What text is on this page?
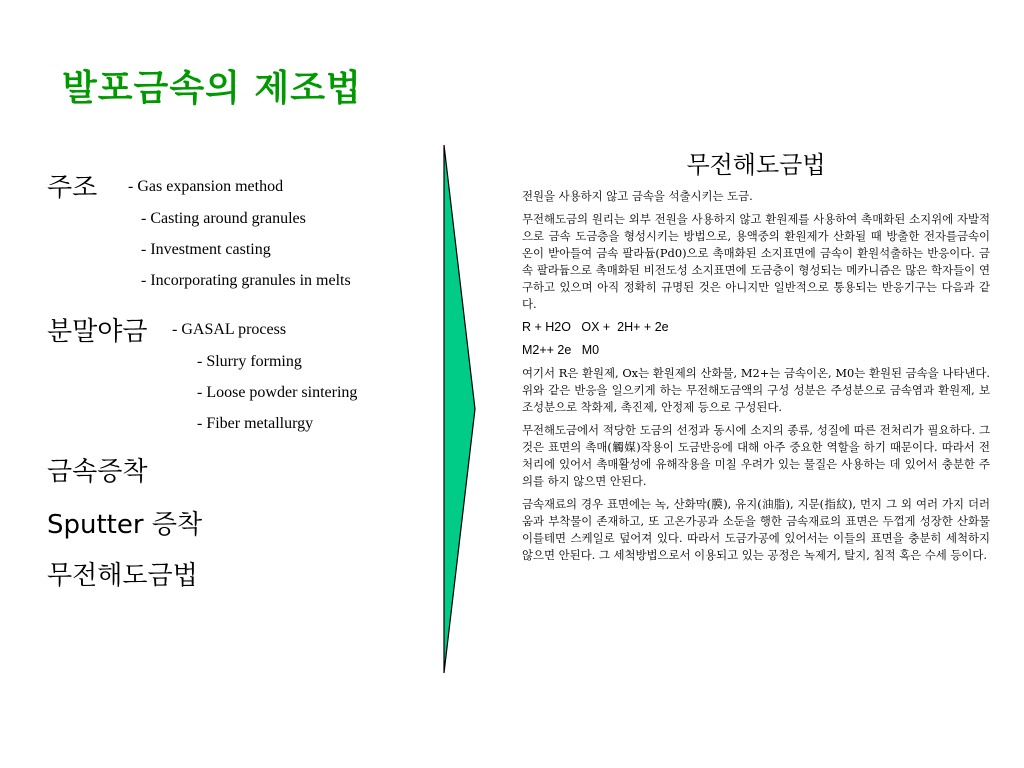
발포금속의 제조법
주조 - Gas expansion method
- Casting around granules
- Investment casting
- Incorporating granules in melts
분말야금 - GASAL process
- Slurry forming
- Loose powder sintering
- Fiber metallurgy
금속증착
Sputter 증착
무전해도금법
무전해도금법

전원을 사용하지 않고 금속을 석출시키는 도금.

무전해도금의 원리는 외부 전원을 사용하지 않고 환원제를 사용하여 촉매화된 소지위에 자발적으로 금속 도금층을 형성시키는 방법으로, 용액중의 환원제가 산화될 때 방출한 전자를금속이온이 받아들여 금속 팔라듐(Pd0)으로 촉매화된 소지표면에 금속이 환원석출하는 반응이다. 금속 팔라듐으로 촉매화된 비전도성 소지표면에 도금층이 형성되는 메카니즘은 많은 학자들이 연구하고 있으며 아직 정확히 규명된 것은 아니지만 일반적으로 통용되는 반응기구는 다음과 같다.

R + H2O   OX +  2H+ + 2e

M2++ 2e   M0

여기서 R은 환원제, Ox는 환원제의 산화물, M2+는 금속이온, M0는 환원된 금속을 나타낸다. 위와 같은 반응을 일으키게 하는 무전해도금액의 구성 성분은 주성분으로 금속염과 환원제, 보조성분으로 착화제, 촉진제, 안정제 등으로 구성된다.

무전해도금에서 적당한 도금의 선정과 동시에 소지의 종류, 성질에 따른 전처리가 필요하다. 그것은 표면의 촉매(觸媒)작용이 도금반응에 대해 아주 중요한 역할을 하기 때문이다. 따라서 전처리에 있어서 촉매활성에 유해작용을 미칠 우려가 있는 물질은 사용하는 데 있어서 충분한 주의를 하지 않으면 안된다.

금속재료의 경우 표면에는 녹, 산화막(膜), 유지(油脂), 지문(指紋), 먼지 그 외 여러 가지 더러움과 부착물이 존재하고, 또 고온가공과 소둔을 행한 금속재료의 표면은 두껍게 성장한 산화물 이를테면 스케일로 덮어져 있다. 따라서 도금가공에 있어서는 이들의 표면을 충분히 세척하지 않으면 안된다. 그 세척방법으로서 이용되고 있는 공정은 녹제거, 탈지, 침적 혹은 수세 등이다.
